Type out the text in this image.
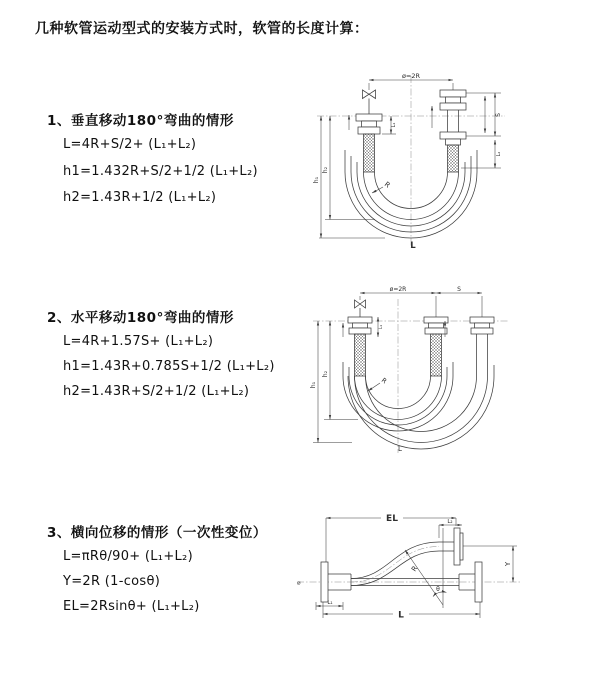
几种软管运动型式的安装方式时，软管的长度计算：
1、垂直移动180°弯曲的情形
L=4R+S/2+ (L₁+L₂)
h1=1.432R+S/2+1/2 (L₁+L₂)
h2=1.43R+1/2 (L₁+L₂)
2、水平移动180°弯曲的情形
L=4R+1.57S+ (L₁+L₂)
h1=1.43R+0.785S+1/2 (L₁+L₂)
h2=1.43R+S/2+1/2 (L₁+L₂)
3、横向位移的情形（一次性变位）
L=πRθ/90+ (L₁+L₂)
Y=2R (1-cosθ)
EL=2Rsinθ+ (L₁+L₂)
ø=2R
h₁
h₂
L₁
S
L₂
R
L
ø=2R	S
h₁
h₂
L₁
R
L
⌀
EL	L₂
Y
R
θ
L₁
L
